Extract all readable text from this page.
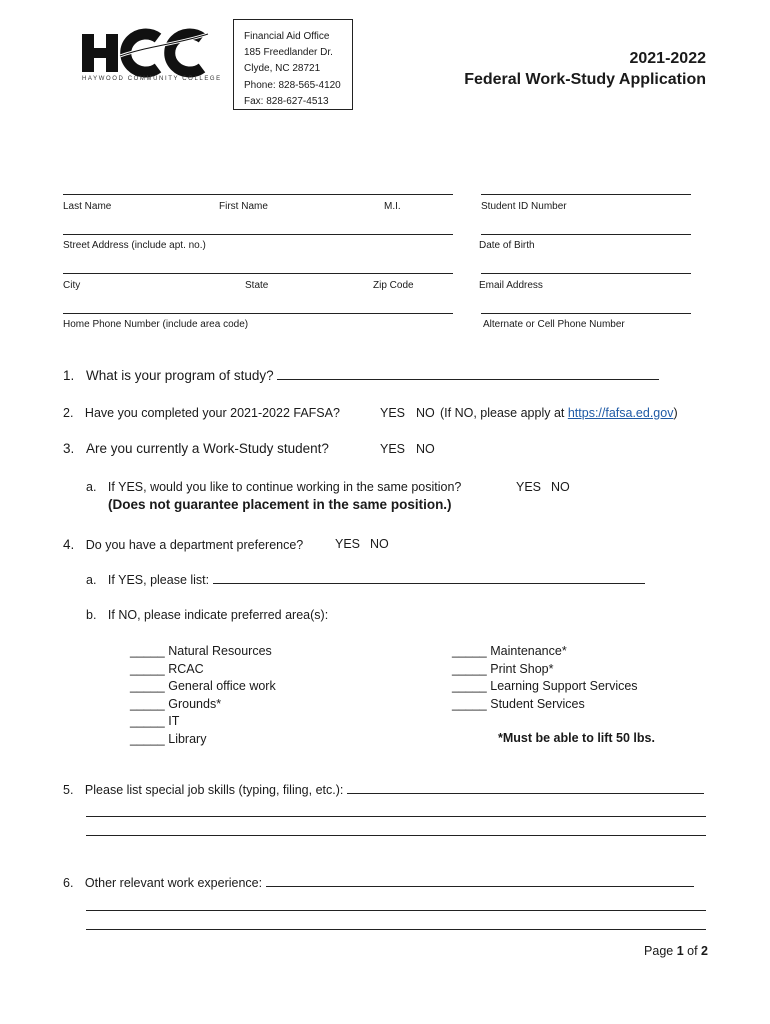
HAYWOOD COMMUNITY COLLEGE
Financial Aid Office
185 Freedlander Dr.
Clyde, NC 28721
Phone: 828-565-4120
Fax: 828-627-4513
2021-2022
Federal Work-Study Application
Last Name	First Name	M.I.	Student ID Number
Street Address (include apt. no.)	Date of Birth
City	State	Zip Code	Email Address
Home Phone Number (include area code)	Alternate or Cell Phone Number
1. What is your program of study?
2. Have you completed your 2021-2022 FAFSA?	YES NO (If NO, please apply at https://fafsa.ed.gov)
3. Are you currently a Work-Study student?	YES NO
a. If YES, would you like to continue working in the same position?	YES NO
(Does not guarantee placement in the same position.)
4. Do you have a department preference?	YES NO
a. If YES, please list:
b. If NO, please indicate preferred area(s):
_____ Natural Resources
_____ RCAC
_____ General office work
_____ Grounds*
_____ IT
_____ Library
_____ Maintenance*
_____ Print Shop*
_____ Learning Support Services
_____ Student Services
*Must be able to lift 50 lbs.
5. Please list special job skills (typing, filing, etc.):
6. Other relevant work experience:
Page 1 of 2
